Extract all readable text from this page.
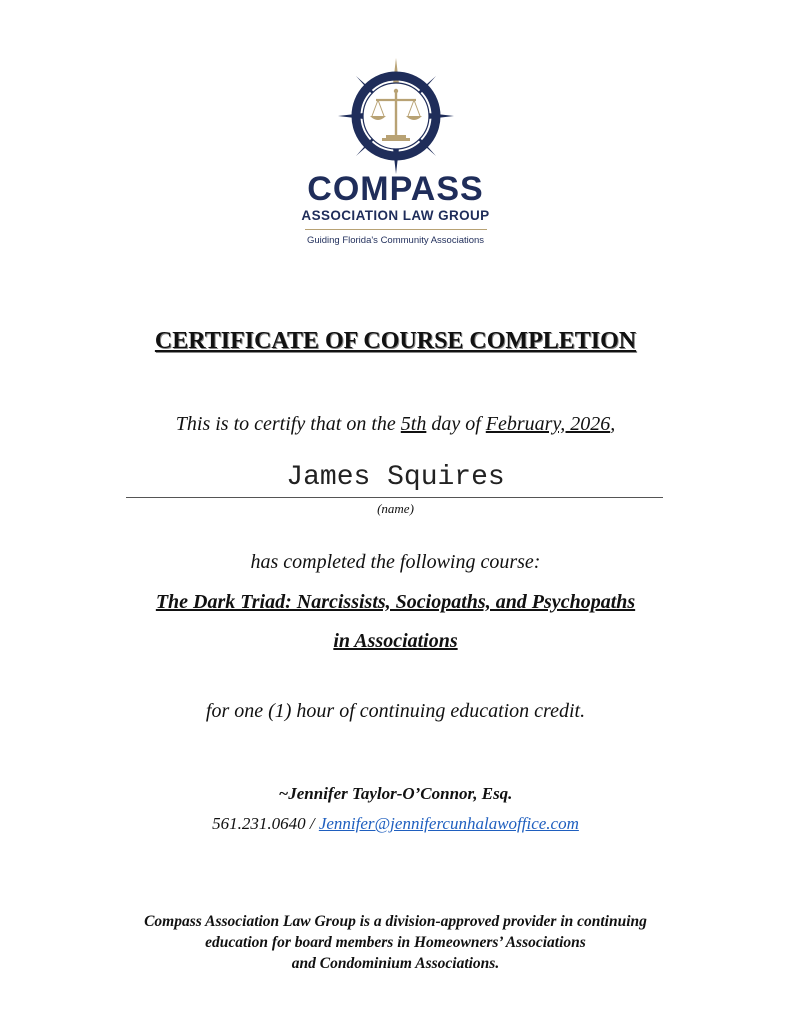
COMPASS
ASSOCIATION LAW GROUP
Guiding Florida's Community Associations
CERTIFICATE OF COURSE COMPLETION
This is to certify that on the 5th day of February, 2026,
James Squires
(name)
has completed the following course:
The Dark Triad: Narcissists, Sociopaths, and Psychopaths
in Associations
for one (1) hour of continuing education credit.
~Jennifer Taylor-O’Connor, Esq.
561.231.0640 / Jennifer@jennifercunhalawoffice.com
Compass Association Law Group is a division-approved provider in continuing
education for board members in Homeowners’ Associations
and Condominium Associations.
